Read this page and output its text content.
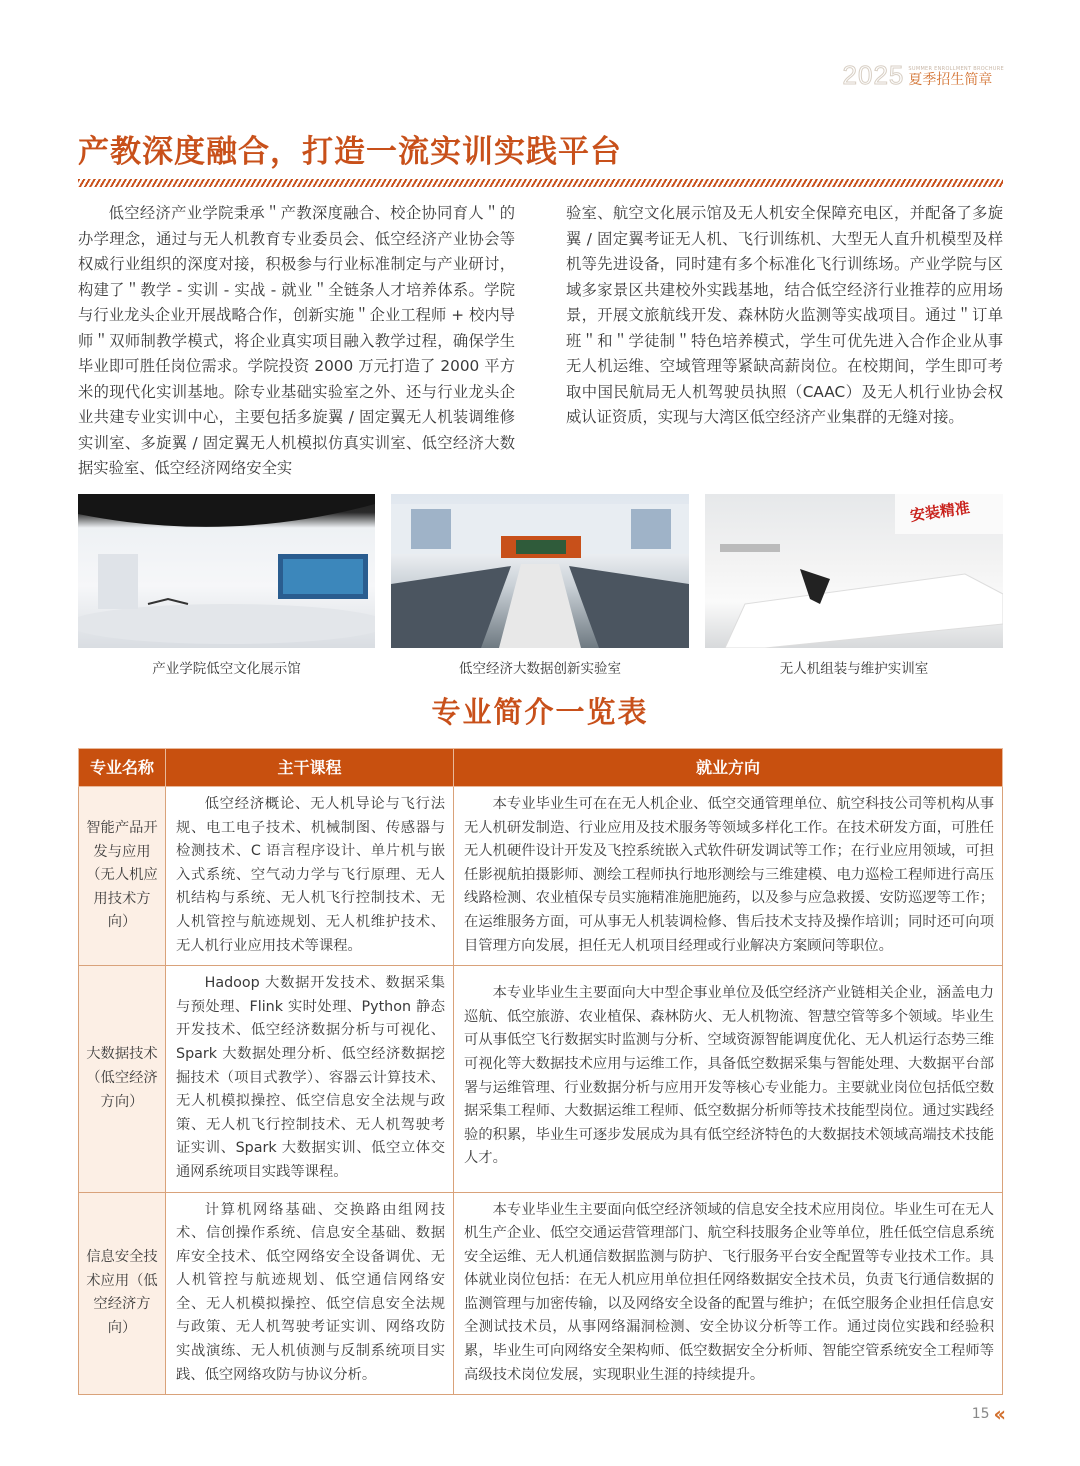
2025 SUMMER ENROLLMENT BROCHURE
夏季招生简章
产教深度融合，打造一流实训实践平台

低空经济产业学院秉承＂产教深度融合、校企协同育人＂的办学理念，通过与无人机教育专业委员会、低空经济产业协会等权威行业组织的深度对接，积极参与行业标准制定与产业研讨，构建了＂教学 - 实训 - 实战 - 就业＂全链条人才培养体系。学院与行业龙头企业开展战略合作，创新实施＂企业工程师 + 校内导师＂双师制教学模式，将企业真实项目融入教学过程，确保学生毕业即可胜任岗位需求。学院投资 2000 万元打造了 2000 平方米的现代化实训基地。除专业基础实验室之外、还与行业龙头企业共建专业实训中心，主要包括多旋翼 / 固定翼无人机装调维修实训室、多旋翼 / 固定翼无人机模拟仿真实训室、低空经济大数据实验室、低空经济网络安全实

验室、航空文化展示馆及无人机安全保障充电区，并配备了多旋翼 / 固定翼考证无人机、飞行训练机、大型无人直升机模型及样机等先进设备，同时建有多个标准化飞行训练场。产业学院与区域多家景区共建校外实践基地，结合低空经济行业推荐的应用场景，开展文旅航线开发、森林防火监测等实战项目。通过＂订单班＂和＂学徒制＂特色培养模式，学生可优先进入合作企业从事无人机运维、空域管理等紧缺高薪岗位。在校期间，学生即可考取中国民航局无人机驾驶员执照（CAAC）及无人机行业协会权威认证资质，实现与大湾区低空经济产业集群的无缝对接。

安装精准
产业学院低空文化展示馆	低空经济大数据创新实验室	无人机组装与维护实训室
专业简介一览表
专业名称	主干课程	就业方向
智能产品开发与应用（无人机应用技术方向）	低空经济概论、无人机导论与飞行法规、电工电子技术、机械制图、传感器与检测技术、C 语言程序设计、单片机与嵌入式系统、空气动力学与飞行原理、无人机结构与系统、无人机飞行控制技术、无人机管控与航迹规划、无人机维护技术、无人机行业应用技术等课程。	本专业毕业生可在在无人机企业、低空交通管理单位、航空科技公司等机构从事无人机研发制造、行业应用及技术服务等领域多样化工作。在技术研发方面，可胜任无人机硬件设计开发及飞控系统嵌入式软件研发调试等工作；在行业应用领域，可担任影视航拍摄影师、测绘工程师执行地形测绘与三维建模、电力巡检工程师进行高压线路检测、农业植保专员实施精准施肥施药，以及参与应急救援、安防巡逻等工作；在运维服务方面，可从事无人机装调检修、售后技术支持及操作培训；同时还可向项目管理方向发展，担任无人机项目经理或行业解决方案顾问等职位。
大数据技术（低空经济方向）	Hadoop 大数据开发技术、数据采集与预处理、Flink 实时处理、Python 静态开发技术、低空经济数据分析与可视化、Spark 大数据处理分析、低空经济数据挖掘技术（项目式教学）、容器云计算技术、无人机模拟操控、低空信息安全法规与政策、无人机飞行控制技术、无人机驾驶考证实训、Spark 大数据实训、低空立体交通网系统项目实践等课程。	本专业毕业生主要面向大中型企事业单位及低空经济产业链相关企业，涵盖电力巡航、低空旅游、农业植保、森林防火、无人机物流、智慧空管等多个领域。毕业生可从事低空飞行数据实时监测与分析、空域资源智能调度优化、无人机运行态势三维可视化等大数据技术应用与运维工作，具备低空数据采集与智能处理、大数据平台部署与运维管理、行业数据分析与应用开发等核心专业能力。主要就业岗位包括低空数据采集工程师、大数据运维工程师、低空数据分析师等技术技能型岗位。通过实践经验的积累，毕业生可逐步发展成为具有低空经济特色的大数据技术领域高端技术技能人才。
信息安全技术应用（低空经济方向）	计算机网络基础、交换路由组网技术、信创操作系统、信息安全基础、数据库安全技术、低空网络安全设备调优、无人机管控与航迹规划、低空通信网络安全、无人机模拟操控、低空信息安全法规与政策、无人机驾驶考证实训、网络攻防实战演练、无人机侦测与反制系统项目实践、低空网络攻防与协议分析。	本专业毕业生主要面向低空经济领域的信息安全技术应用岗位。毕业生可在无人机生产企业、低空交通运营管理部门、航空科技服务企业等单位，胜任低空信息系统安全运维、无人机通信数据监测与防护、飞行服务平台安全配置等专业技术工作。具体就业岗位包括：在无人机应用单位担任网络数据安全技术员，负责飞行通信数据的监测管理与加密传输，以及网络安全设备的配置与维护；在低空服务企业担任信息安全测试技术员，从事网络漏洞检测、安全协议分析等工作。通过岗位实践和经验积累，毕业生可向网络安全架构师、低空数据安全分析师、智能空管系统安全工程师等高级技术岗位发展，实现职业生涯的持续提升。
15 ‹‹
